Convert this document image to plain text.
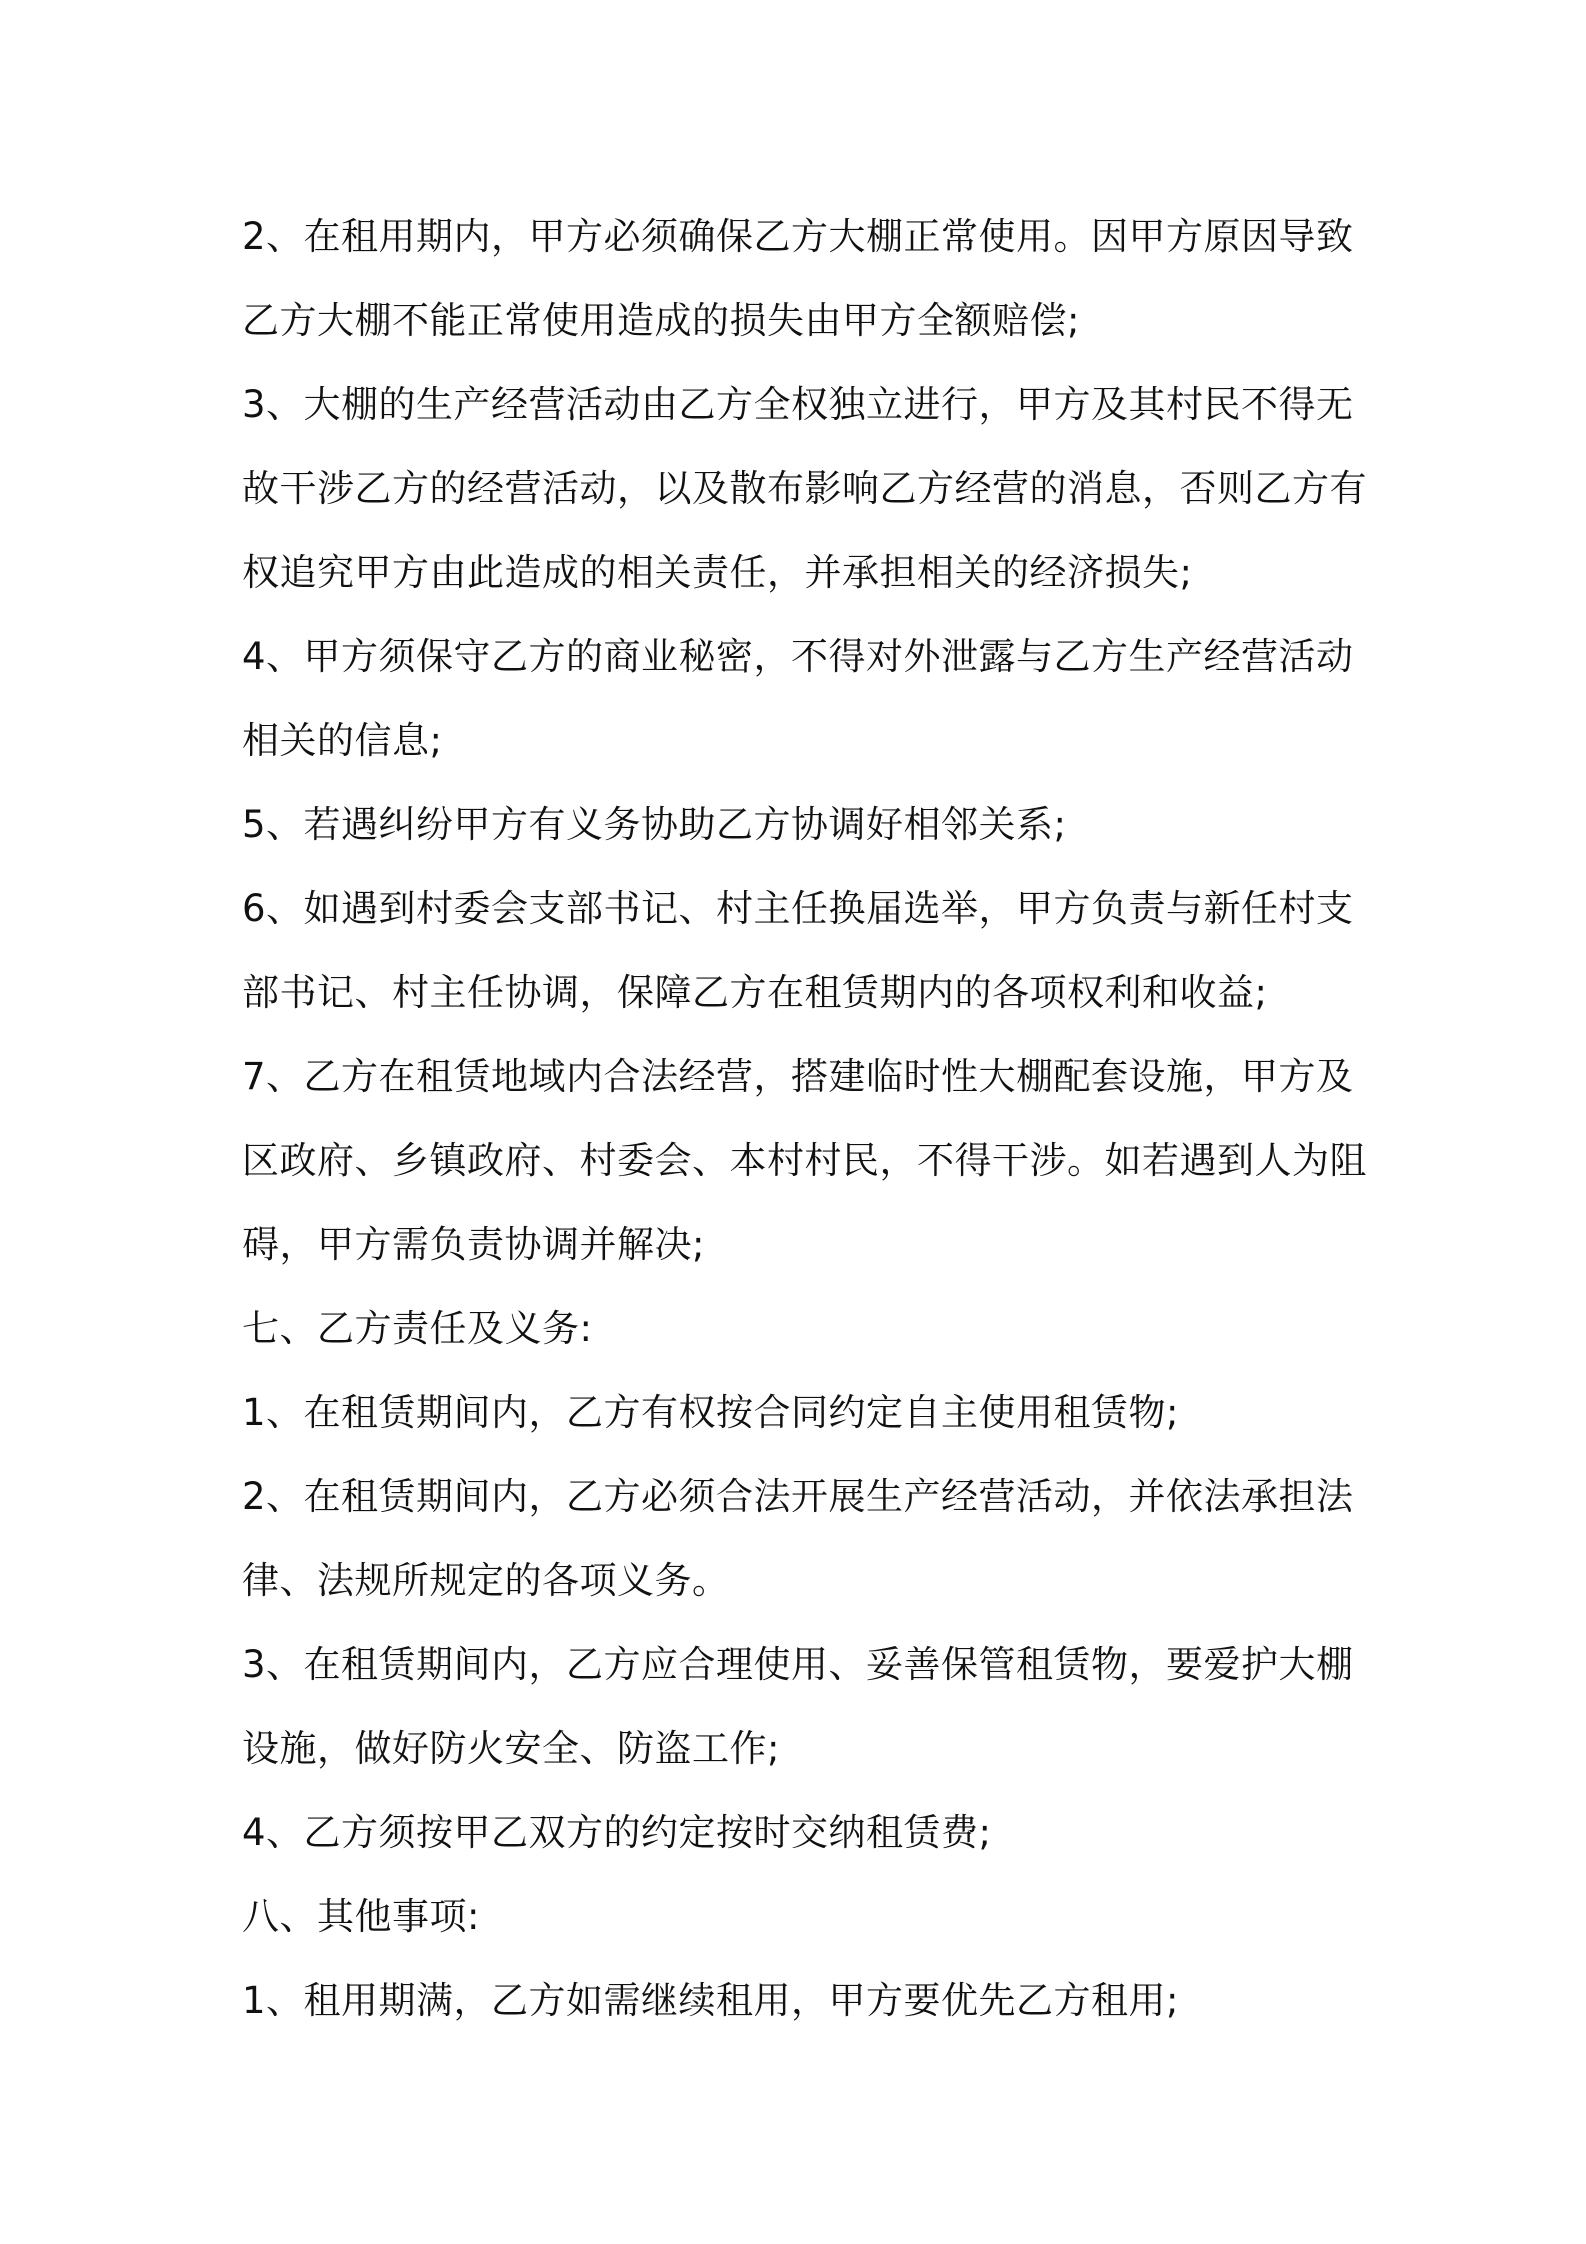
2、在租用期内，甲方必须确保乙方大棚正常使用。因甲方原因导致
乙方大棚不能正常使用造成的损失由甲方全额赔偿;
3、大棚的生产经营活动由乙方全权独立进行，甲方及其村民不得无
故干涉乙方的经营活动，以及散布影响乙方经营的消息，否则乙方有
权追究甲方由此造成的相关责任，并承担相关的经济损失;
4、甲方须保守乙方的商业秘密，不得对外泄露与乙方生产经营活动
相关的信息;
5、若遇纠纷甲方有义务协助乙方协调好相邻关系;
6、如遇到村委会支部书记、村主任换届选举，甲方负责与新任村支
部书记、村主任协调，保障乙方在租赁期内的各项权利和收益;
7、乙方在租赁地域内合法经营，搭建临时性大棚配套设施，甲方及
区政府、乡镇政府、村委会、本村村民，不得干涉。如若遇到人为阻
碍，甲方需负责协调并解决;
七、乙方责任及义务:
1、在租赁期间内，乙方有权按合同约定自主使用租赁物;
2、在租赁期间内，乙方必须合法开展生产经营活动，并依法承担法
律、法规所规定的各项义务。
3、在租赁期间内，乙方应合理使用、妥善保管租赁物，要爱护大棚
设施，做好防火安全、防盗工作;
4、乙方须按甲乙双方的约定按时交纳租赁费;
八、其他事项:
1、租用期满，乙方如需继续租用，甲方要优先乙方租用;
